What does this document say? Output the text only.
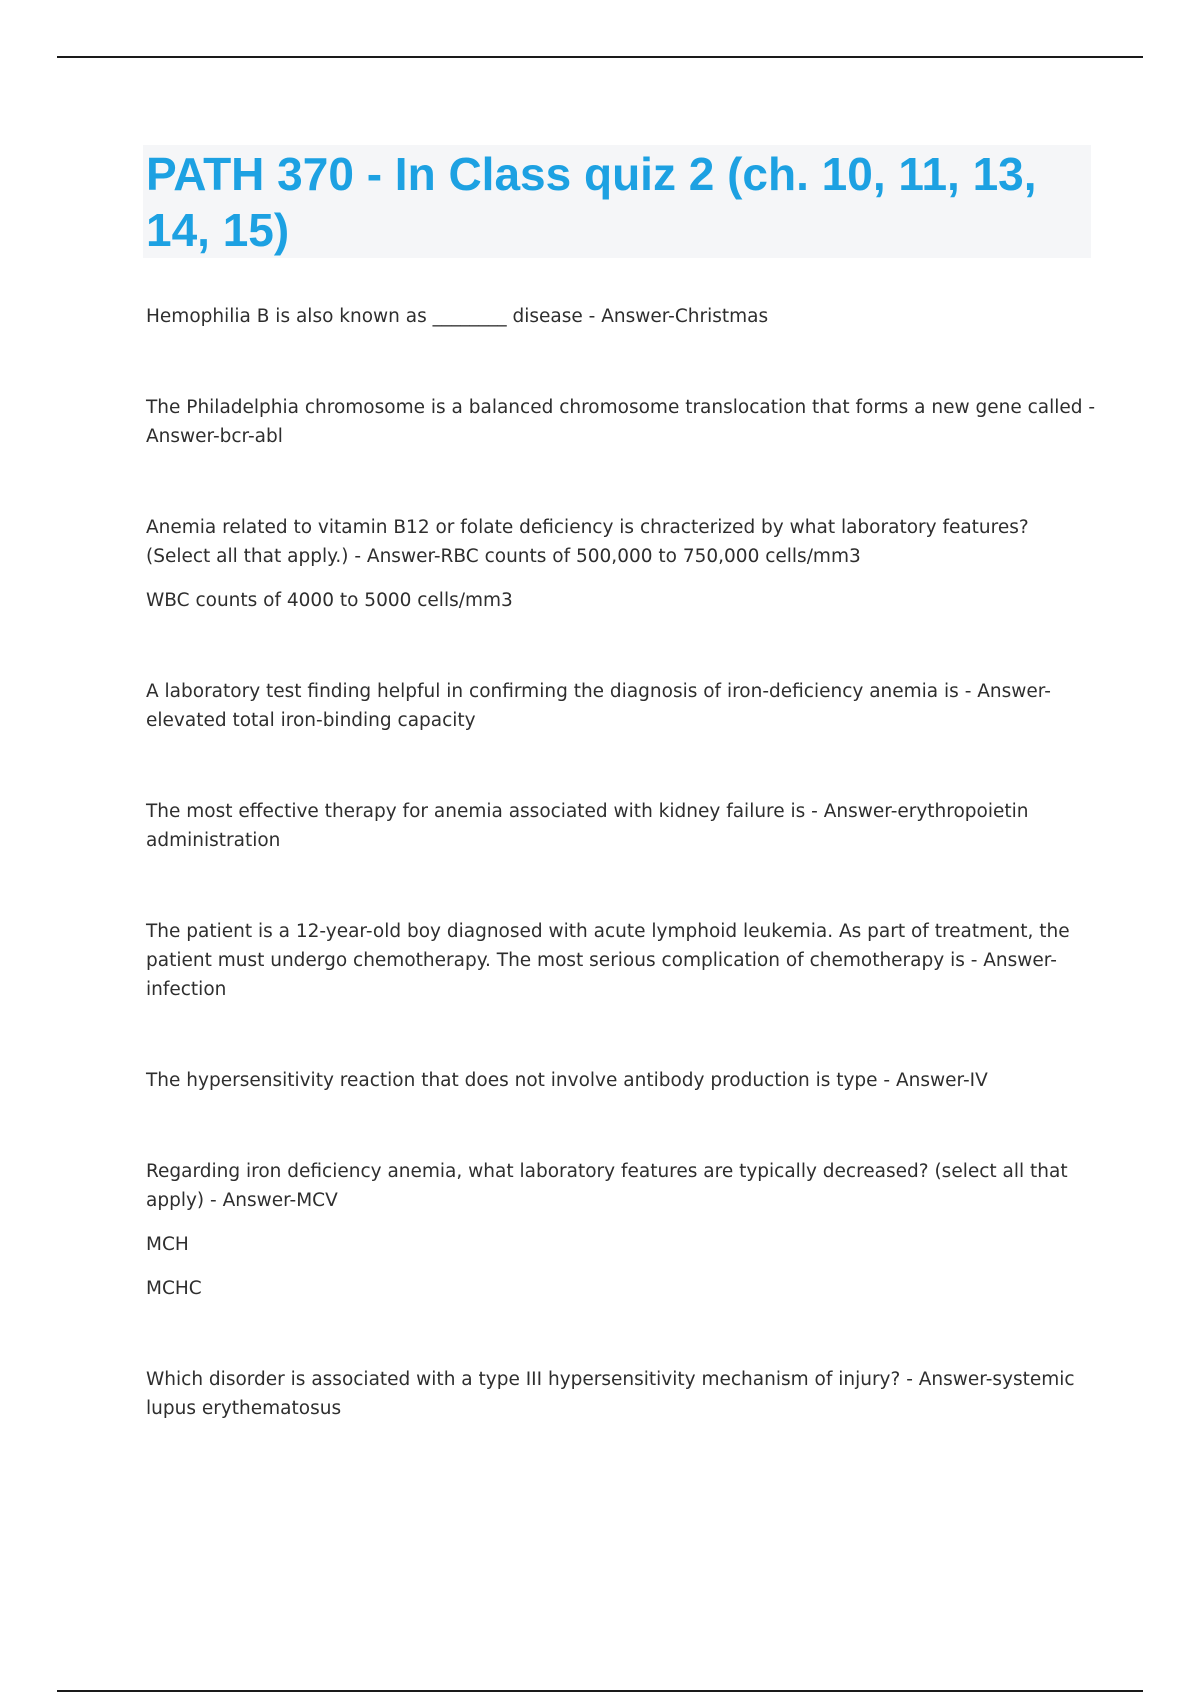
PATH 370 - In Class quiz 2 (ch. 10, 11, 13, 14, 15)

Hemophilia B is also known as ________ disease - Answer-Christmas

The Philadelphia chromosome is a balanced chromosome translocation that forms a new gene called - Answer-bcr-abl

Anemia related to vitamin B12 or folate deficiency is chracterized by what laboratory features? (Select all that apply.) - Answer-RBC counts of 500,000 to 750,000 cells/mm3

WBC counts of 4000 to 5000 cells/mm3

A laboratory test finding helpful in confirming the diagnosis of iron-deficiency anemia is - Answer-elevated total iron-binding capacity

The most effective therapy for anemia associated with kidney failure is - Answer-erythropoietin administration

The patient is a 12-year-old boy diagnosed with acute lymphoid leukemia. As part of treatment, the patient must undergo chemotherapy. The most serious complication of chemotherapy is - Answer-infection

The hypersensitivity reaction that does not involve antibody production is type - Answer-IV

Regarding iron deficiency anemia, what laboratory features are typically decreased? (select all that apply) - Answer-MCV

MCH

MCHC

Which disorder is associated with a type III hypersensitivity mechanism of injury? - Answer-systemic lupus erythematosus
